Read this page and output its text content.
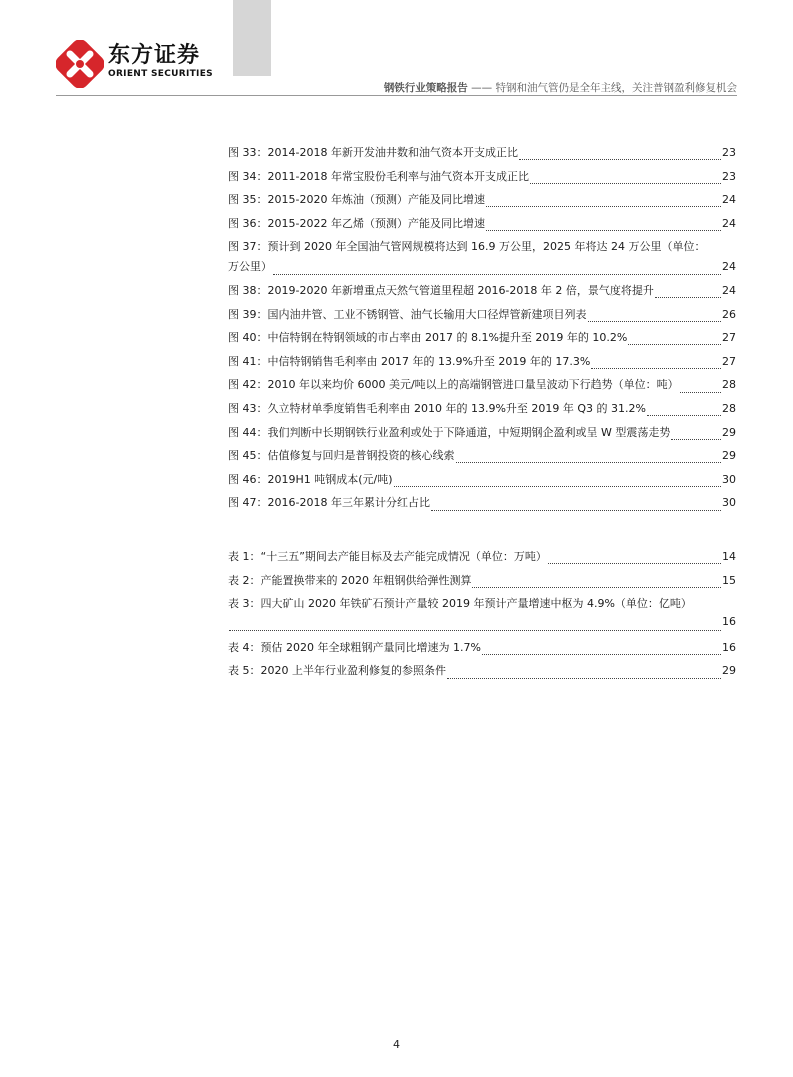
东方证券
ORIENT SECURITIES
钢铁行业策略报告 —— 特钢和油气管仍是全年主线，关注普钢盈利修复机会
图 33：2014-2018 年新开发油井数和油气资本开支成正比	23
图 34：2011-2018 年常宝股份毛利率与油气资本开支成正比	23
图 35：2015-2020 年炼油（预测）产能及同比增速	24
图 36：2015-2022 年乙烯（预测）产能及同比增速	24
图 37：预计到 2020 年全国油气管网规模将达到 16.9 万公里，2025 年将达 24 万公里（单位：
万公里）	24
图 38：2019-2020 年新增重点天然气管道里程超 2016-2018 年 2 倍，景气度将提升	24
图 39：国内油井管、工业不锈钢管、油气长输用大口径焊管新建项目列表	26
图 40：中信特钢在特钢领域的市占率由 2017 的 8.1%提升至 2019 年的 10.2%	27
图 41：中信特钢销售毛利率由 2017 年的 13.9%升至 2019 年的 17.3%	27
图 42：2010 年以来均价 6000 美元/吨以上的高端钢管进口量呈波动下行趋势（单位：吨）	28
图 43：久立特材单季度销售毛利率由 2010 年的 13.9%升至 2019 年 Q3 的 31.2%	28
图 44：我们判断中长期钢铁行业盈利或处于下降通道，中短期钢企盈利或呈 W 型震荡走势	29
图 45：估值修复与回归是普钢投资的核心线索	29
图 46：2019H1 吨钢成本(元/吨)	30
图 47：2016-2018 年三年累计分红占比	30
表 1：“十三五”期间去产能目标及去产能完成情况（单位：万吨）	14
表 2：产能置换带来的 2020 年粗钢供给弹性测算	15
表 3：四大矿山 2020 年铁矿石预计产量较 2019 年预计产量增速中枢为 4.9%（单位：亿吨）
16
表 4：预估 2020 年全球粗钢产量同比增速为 1.7%	16
表 5：2020 上半年行业盈利修复的参照条件	29
4
